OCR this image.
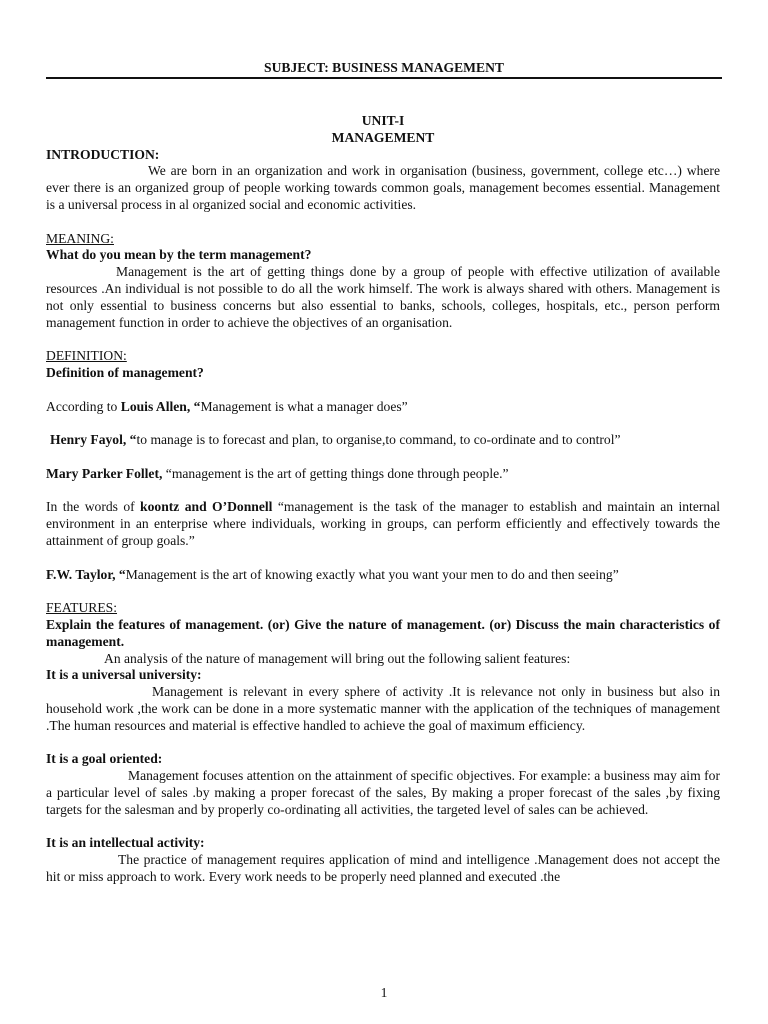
SUBJECT: BUSINESS MANAGEMENT
UNIT-I
MANAGEMENT
INTRODUCTION:

We are born in an organization and work in organisation (business, government, college etc…) where ever there is an organized group of people working towards common goals, management becomes essential. Management is a universal process in al organized social and economic activities.

MEANING:
What do you mean by the term management?

Management is the art of getting things done by a group of people with effective utilization of available resources .An individual is not possible to do all the work himself. The work is always shared with others. Management is not only essential to business concerns but also essential to banks, schools, colleges, hospitals, etc., person perform management function in order to achieve the objectives of an organisation.

DEFINITION:
Definition of management?

According to Louis Allen, “Management is what a manager does”

Henry Fayol, “to manage is to forecast and plan, to organise,to command, to co-ordinate and to control”

Mary Parker Follet, “management is the art of getting things done through people.”

In the words of koontz and O’Donnell “management is the task of the manager to establish and maintain an internal environment in an enterprise where individuals, working in groups, can perform efficiently and effectively towards the attainment of group goals.”

F.W. Taylor, “Management is the art of knowing exactly what you want your men to do and then seeing”

FEATURES:

Explain the features of management. (or) Give the nature of management. (or) Discuss the main characteristics of management.

An analysis of the nature of management will bring out the following salient features:

It is a universal university:

Management is relevant in every sphere of activity .It is relevance not only in business but also in household work ,the work can be done in a more systematic manner with the application of the techniques of management .The human resources and material is effective handled to achieve the goal of maximum efficiency.

It is a goal oriented:

Management focuses attention on the attainment of specific objectives. For example: a business may aim for a particular level of sales .by making a proper forecast of the sales, By making a proper forecast of the sales ,by fixing targets for the salesman and by properly co-ordinating all activities, the targeted level of sales can be achieved.

It is an intellectual activity:

The practice of management requires application of mind and intelligence .Management does not accept the hit or miss approach to work. Every work needs to be properly need planned and executed .the

1
